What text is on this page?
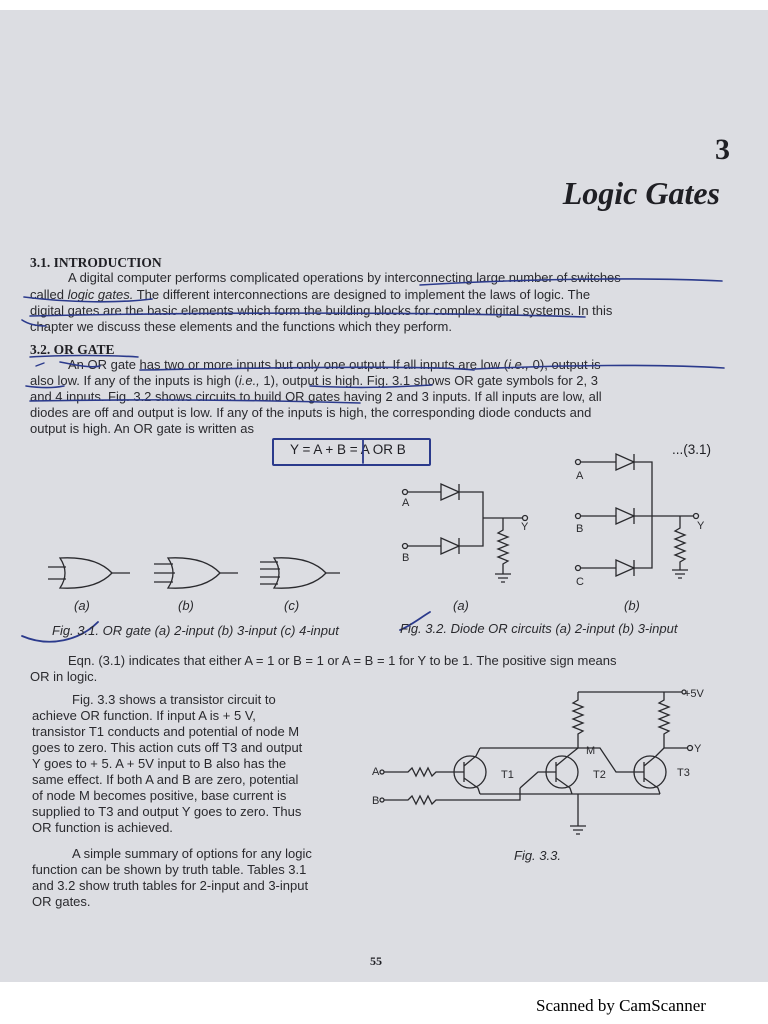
3
Logic Gates
3.1. INTRODUCTION
A digital computer performs complicated operations by interconnecting large number of switches
called logic gates. The different interconnections are designed to implement the laws of logic. The
digital gates are the basic elements which form the building blocks for complex digital systems. In this
chapter we discuss these elements and the functions which they perform.
3.2. OR GATE
An OR gate has two or more inputs but only one output. If all inputs are low (i.e., 0), output is
also low. If any of the inputs is high (i.e., 1), output is high. Fig. 3.1 shows OR gate symbols for 2, 3
and 4 inputs. Fig. 3.2 shows circuits to build OR gates having 2 and 3 inputs. If all inputs are low, all
diodes are off and output is low. If any of the inputs is high, the corresponding diode conducts and
output is high. An OR gate is written as
Y = A + B = A OR B	...(3.1)
(a)	(b)	(c)
Fig. 3.1. OR gate (a) 2-input (b) 3-input (c) 4-input
A
B
Y
(a)
A
B
C
Y
(b)
Fig. 3.2. Diode OR circuits (a) 2-input (b) 3-input
Eqn. (3.1) indicates that either A = 1 or B = 1 or A = B = 1 for Y to be 1. The positive sign means
OR in logic.
Fig. 3.3 shows a transistor circuit to
achieve OR function. If input A is + 5 V,
transistor T1 conducts and potential of node M
goes to zero. This action cuts off T3 and output
Y goes to + 5. A + 5V input to B also has the
same effect. If both A and B are zero, potential
of node M becomes positive, base current is
supplied to T3 and output Y goes to zero. Thus
OR function is achieved.
A simple summary of options for any logic
function can be shown by truth table. Tables 3.1
and 3.2 show truth tables for 2-input and 3-input
OR gates.
+5V
M	Y
A
B
T1	T2	T3
Fig. 3.3.
55
Scanned by CamScanner
